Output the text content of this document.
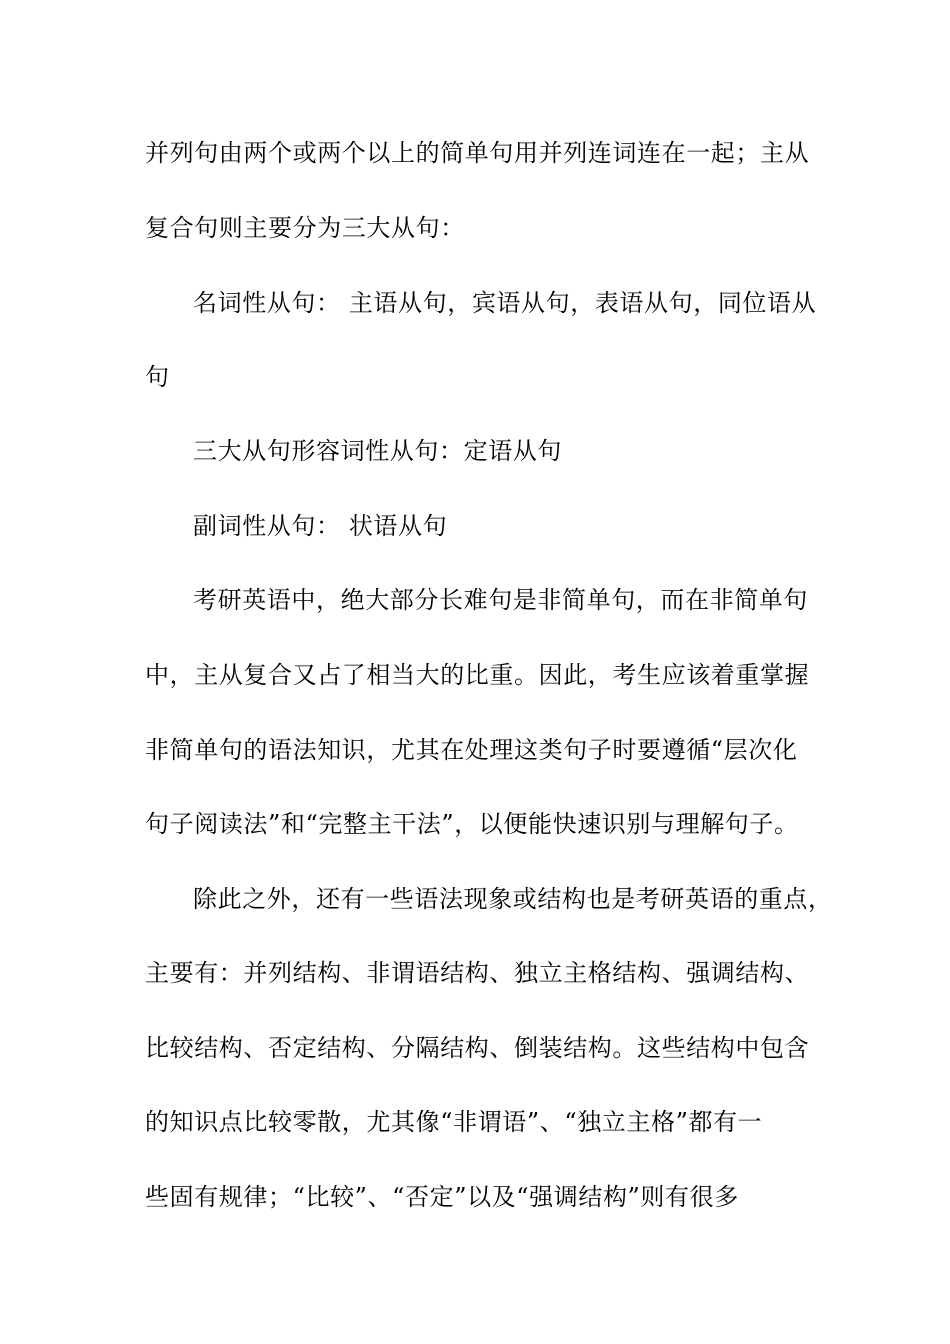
并列句由两个或两个以上的简单句用并列连词连在一起；主从
复合句则主要分为三大从句：
名词性从句： 主语从句，宾语从句，表语从句，同位语从
句
三大从句形容词性从句：定语从句
副词性从句： 状语从句
考研英语中，绝大部分长难句是非简单句，而在非简单句
中，主从复合又占了相当大的比重。因此，考生应该着重掌握
非简单句的语法知识，尤其在处理这类句子时要遵循“层次化
句子阅读法”和“完整主干法”，以便能快速识别与理解句子。
除此之外，还有一些语法现象或结构也是考研英语的重点，
主要有：并列结构、非谓语结构、独立主格结构、强调结构、
比较结构、否定结构、分隔结构、倒装结构。这些结构中包含
的知识点比较零散，尤其像“非谓语”、“独立主格”都有一
些固有规律；“比较”、“否定”以及“强调结构”则有很多
